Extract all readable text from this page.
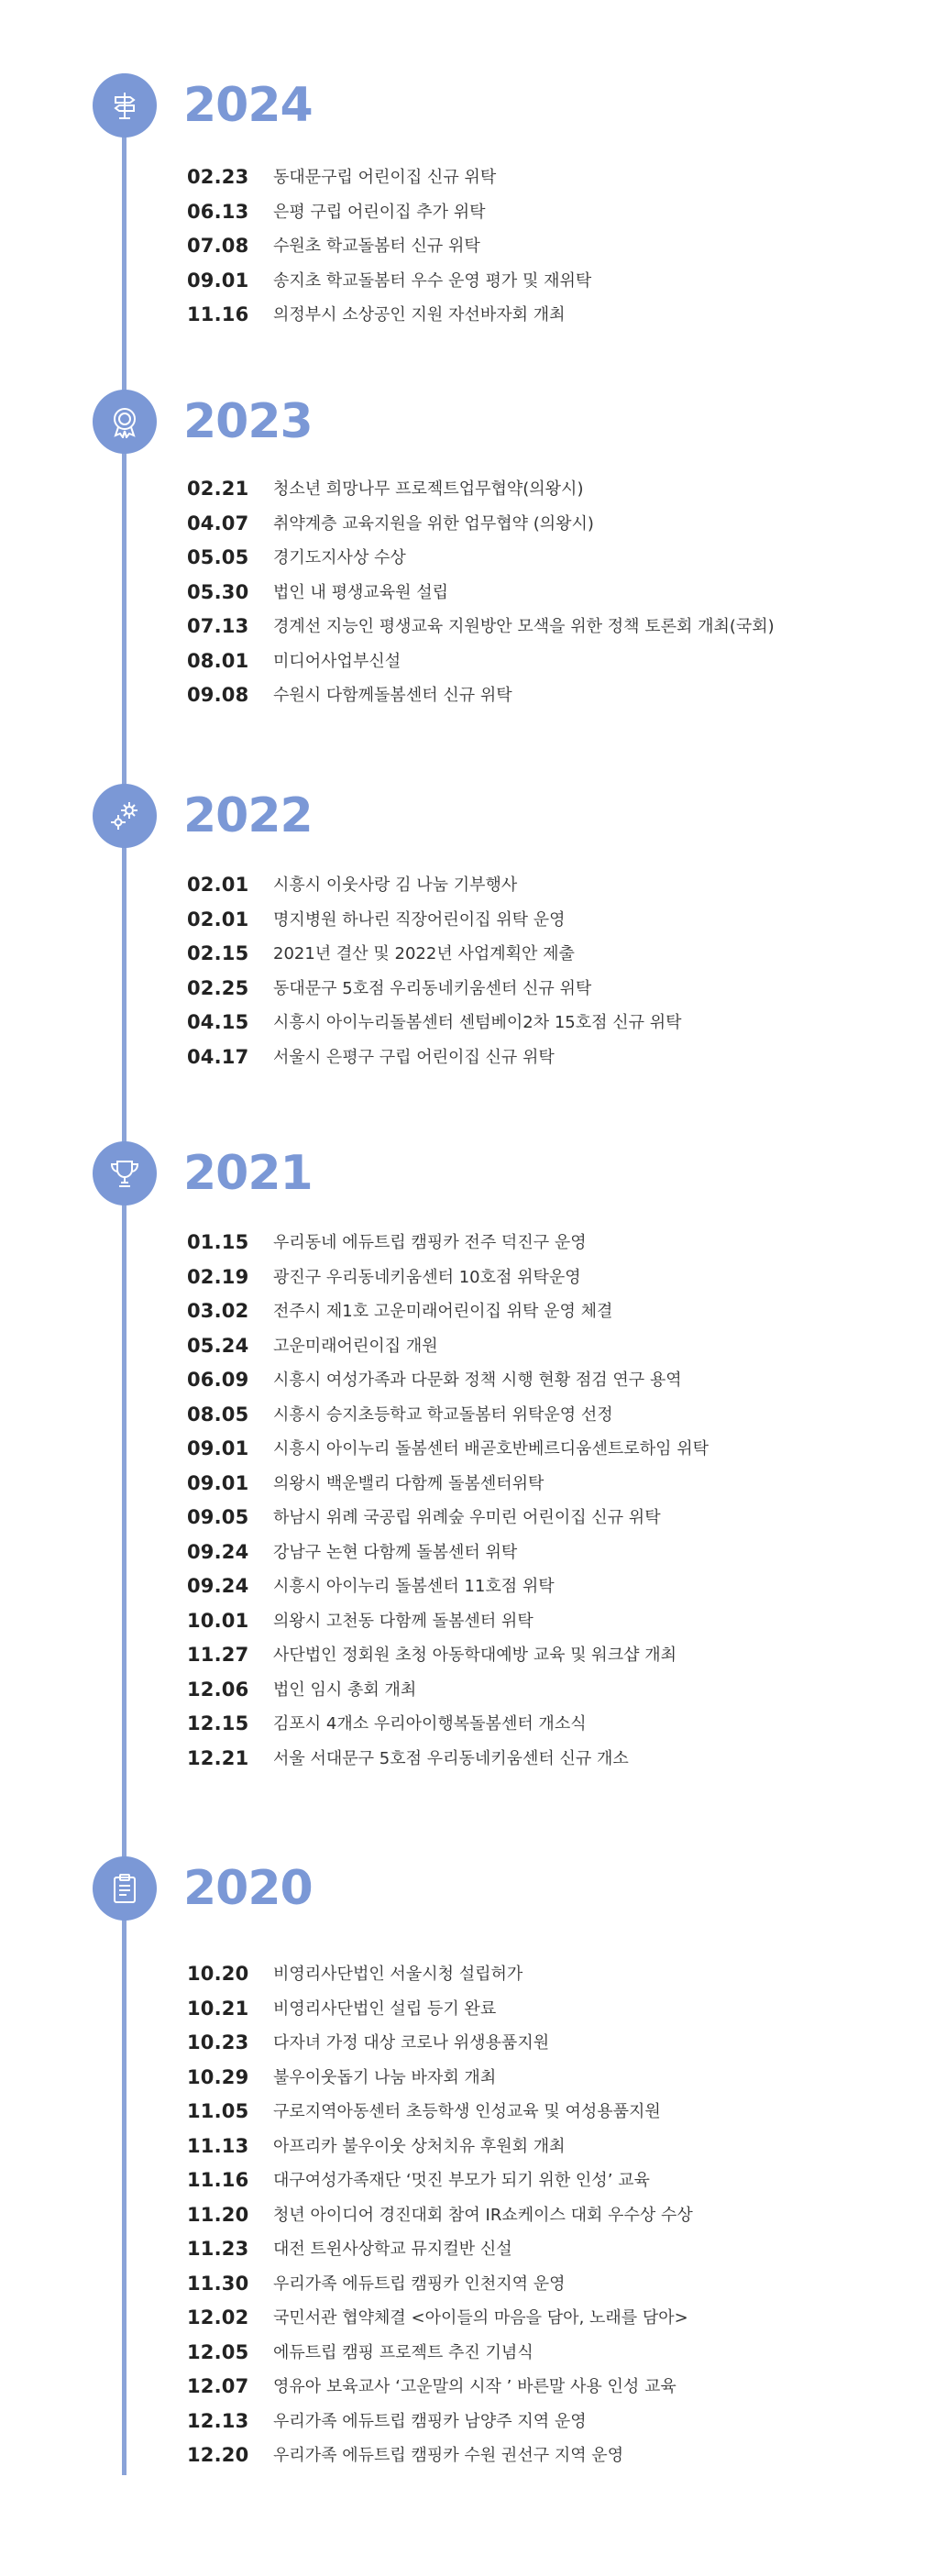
2024
02.23 동대문구립 어린이집 신규 위탁
06.13 은평 구립 어린이집 추가 위탁
07.08 수원초 학교돌봄터 신규 위탁
09.01 송지초 학교돌봄터 우수 운영 평가 및 재위탁
11.16 의정부시 소상공인 지원 자선바자회 개최
2023
02.21 청소년 희망나무 프로젝트업무협약(의왕시)
04.07 취약계층 교육지원을 위한 업무협약 (의왕시)
05.05 경기도지사상 수상
05.30 법인 내 평생교육원 설립
07.13 경계선 지능인 평생교육 지원방안 모색을 위한 정책 토론회 개최(국회)
08.01 미디어사업부신설
09.08 수원시 다함께돌봄센터 신규 위탁
2022
02.01 시흥시 이웃사랑 김 나눔 기부행사
02.01 명지병원 하나린 직장어린이집 위탁 운영
02.15 2021년 결산 및 2022년 사업계획안 제출
02.25 동대문구 5호점 우리동네키움센터 신규 위탁
04.15 시흥시 아이누리돌봄센터 센텀베이2차 15호점 신규 위탁
04.17 서울시 은평구 구립 어린이집 신규 위탁
2021
01.15 우리동네 에듀트립 캠핑카 전주 덕진구 운영
02.19 광진구 우리동네키움센터 10호점 위탁운영
03.02 전주시 제1호 고운미래어린이집 위탁 운영 체결
05.24 고운미래어린이집 개원
06.09 시흥시 여성가족과 다문화 정책 시행 현황 점검 연구 용역
08.05 시흥시 승지초등학교 학교돌봄터 위탁운영 선정
09.01 시흥시 아이누리 돌봄센터 배곧호반베르디움센트로하임 위탁
09.01 의왕시 백운밸리 다함께 돌봄센터위탁
09.05 하남시 위례 국공립 위례숲 우미린 어린이집 신규 위탁
09.24 강남구 논현 다함께 돌봄센터 위탁
09.24 시흥시 아이누리 돌봄센터 11호점 위탁
10.01 의왕시 고천동 다함께 돌봄센터 위탁
11.27 사단법인 정회원 초청 아동학대예방 교육 및 워크샵 개최
12.06 법인 임시 총회 개최
12.15 김포시 4개소 우리아이행복돌봄센터 개소식
12.21 서울 서대문구 5호점 우리동네키움센터 신규 개소
2020
10.20 비영리사단법인 서울시청 설립허가
10.21 비영리사단법인 설립 등기 완료
10.23 다자녀 가정 대상 코로나 위생용품지원
10.29 불우이웃돕기 나눔 바자회 개최
11.05 구로지역아동센터 초등학생 인성교육 및 여성용품지원
11.13 아프리카 불우이웃 상처치유 후원회 개최
11.16 대구여성가족재단 ‘멋진 부모가 되기 위한 인성’ 교육
11.20 청년 아이디어 경진대회 참여 IR쇼케이스 대회 우수상 수상
11.23 대전 트윈사상학교 뮤지컬반 신설
11.30 우리가족 에듀트립 캠핑카 인천지역 운영
12.02 국민서관 협약체결 <아이들의 마음을 담아, 노래를 담아>
12.05 에듀트립 캠핑 프로젝트 추진 기념식
12.07 영유아 보육교사 ‘고운말의 시작 ’ 바른말 사용 인성 교육
12.13 우리가족 에듀트립 캠핑카 남양주 지역 운영
12.20 우리가족 에듀트립 캠핑카 수원 권선구 지역 운영
